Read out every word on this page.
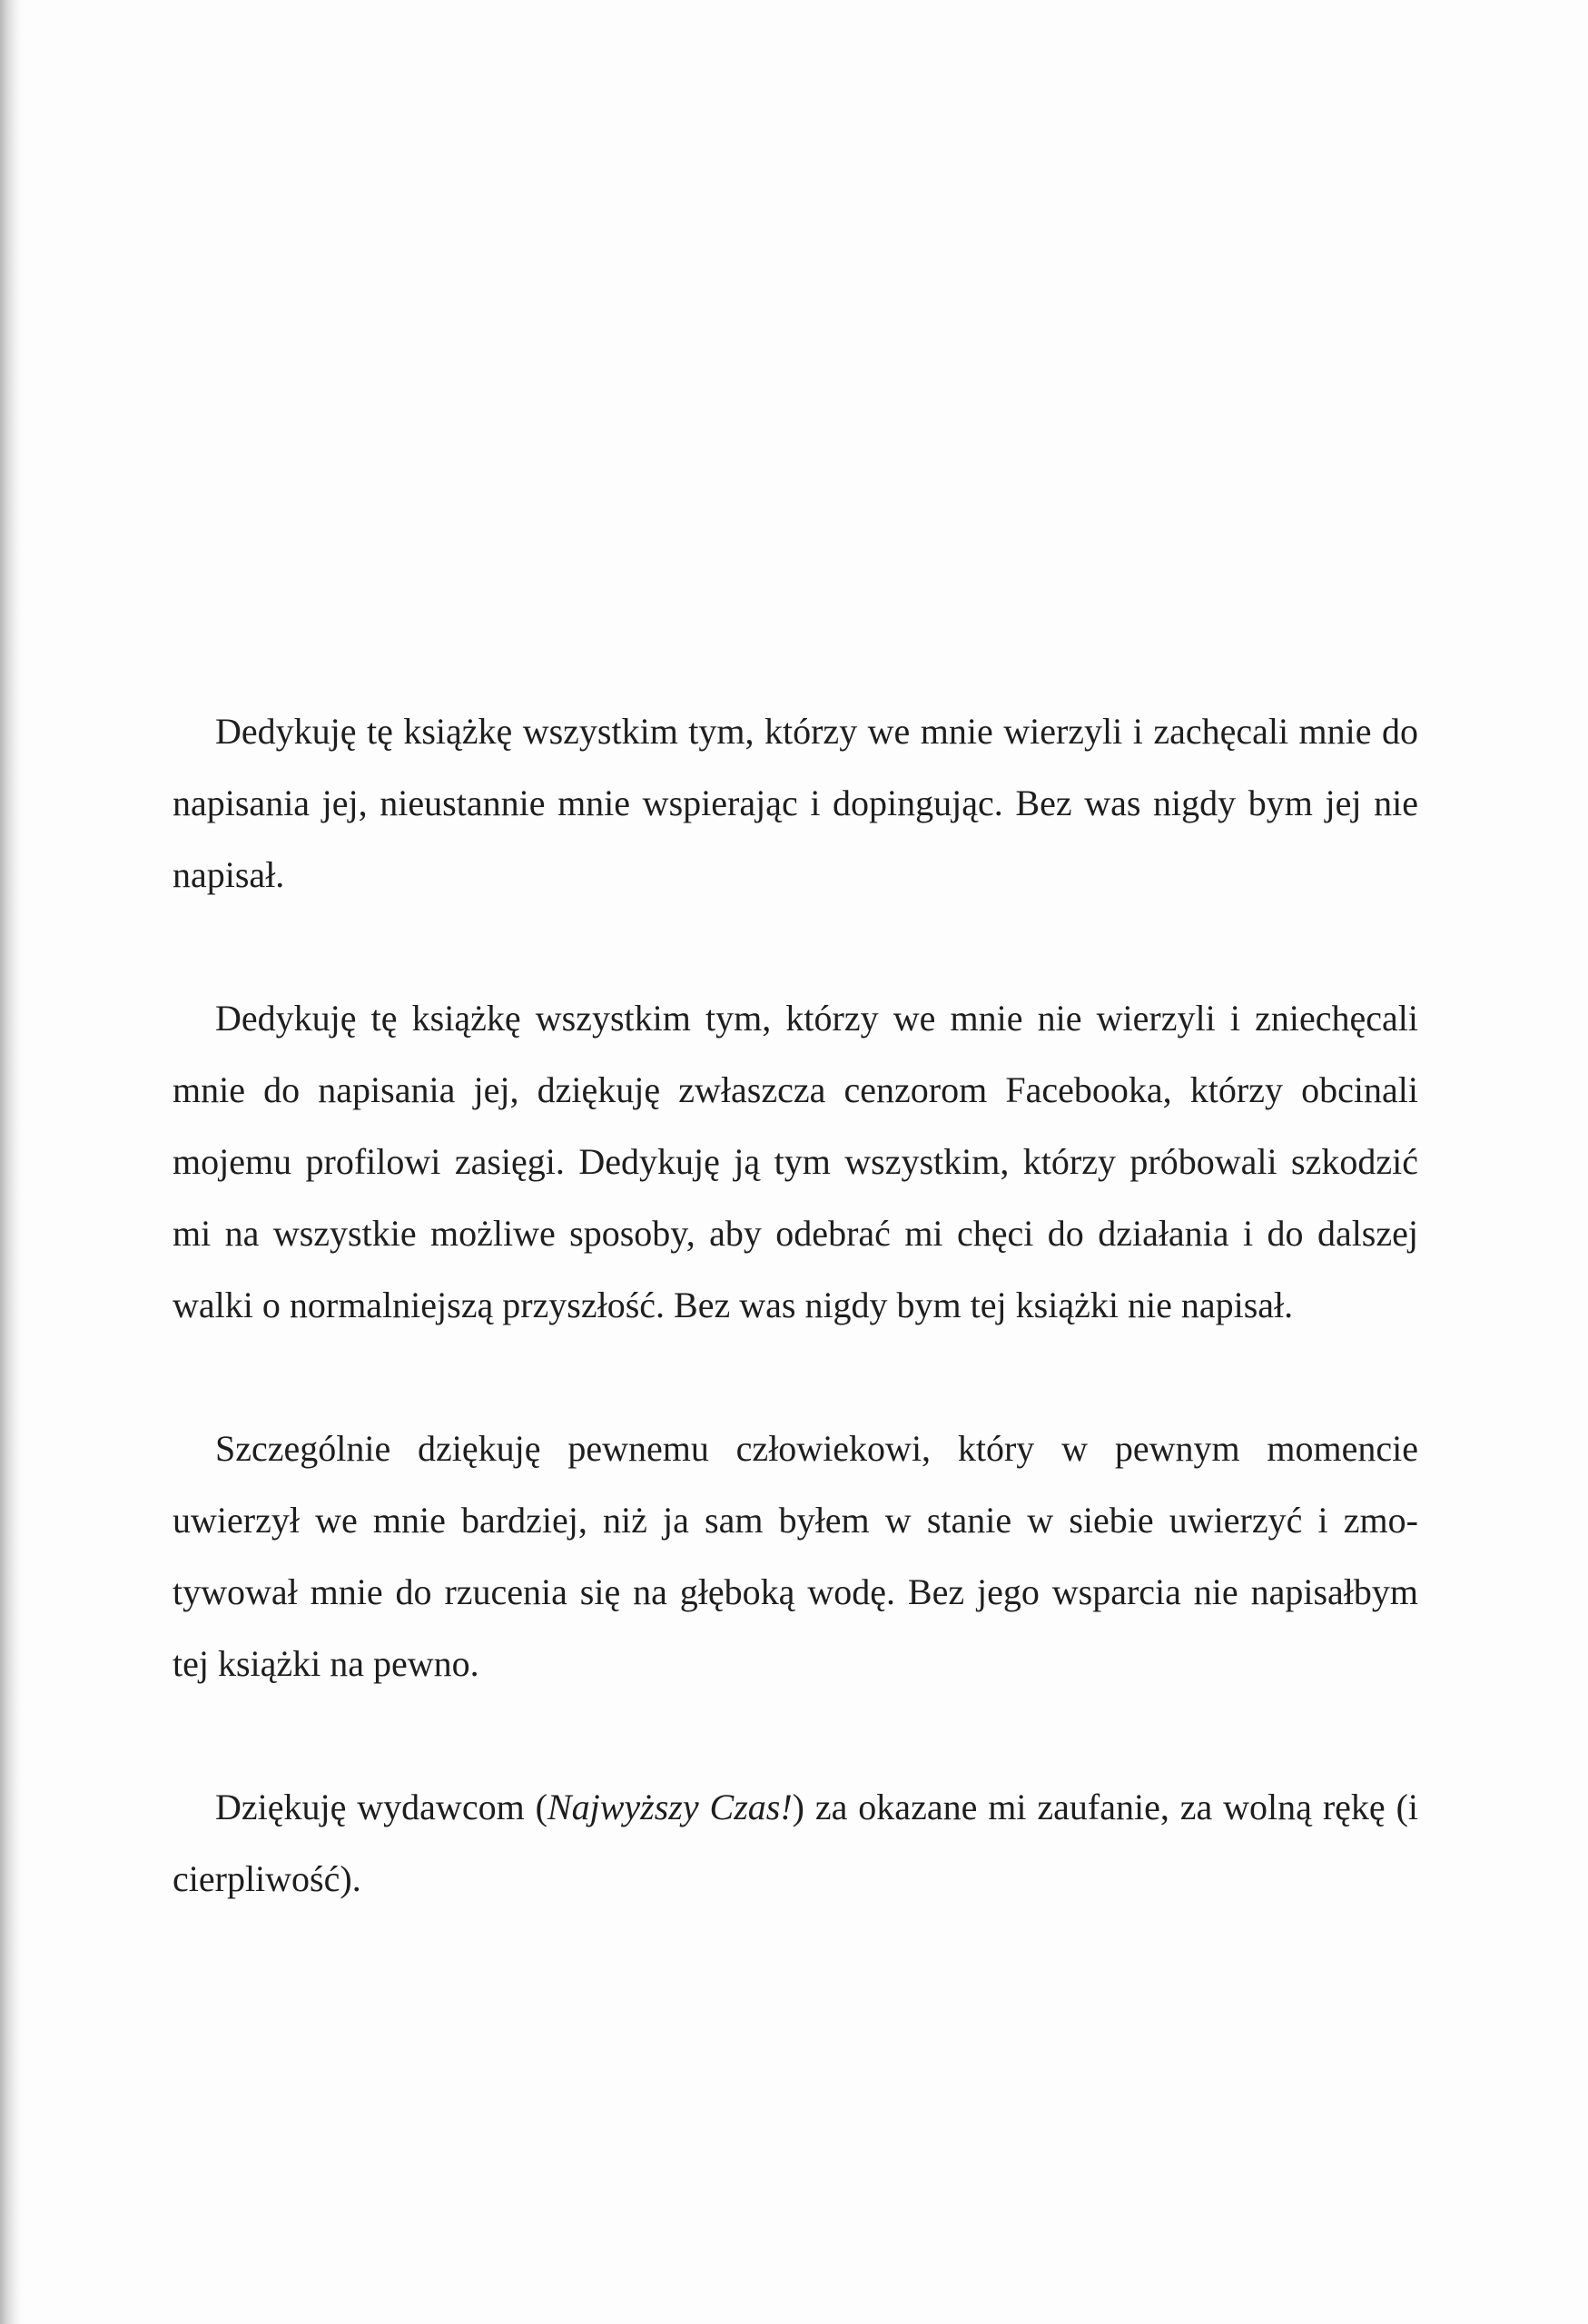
Dedykuję tę książkę wszystkim tym, którzy we mnie wierzyli i zachęcali mnie do napisania jej, nieustannie mnie wspierając i dopingując. Bez was nigdy bym jej nie napisał.

Dedykuję tę książkę wszystkim tym, którzy we mnie nie wierzyli i zniechęcali mnie do napisania jej, dziękuję zwłaszcza cenzorom Facebooka, którzy obcinali mojemu profilowi zasięgi. Dedykuję ją tym wszystkim, którzy próbowali szkodzić mi na wszystkie możliwe sposoby, aby odebrać mi chęci do działania i do dalszej walki o normalniejszą przyszłość. Bez was nigdy bym tej książki nie napisał.

Szczególnie dziękuję pewnemu człowiekowi, który w pewnym momencie uwierzył we mnie bardziej, niż ja sam byłem w stanie w siebie uwierzyć i zmotywował mnie do rzucenia się na głęboką wodę. Bez jego wsparcia nie napisałbym tej książki na pewno.

Dziękuję wydawcom (Najwyższy Czas!) za okazane mi zaufanie, za wolną rękę (i cierpliwość).
